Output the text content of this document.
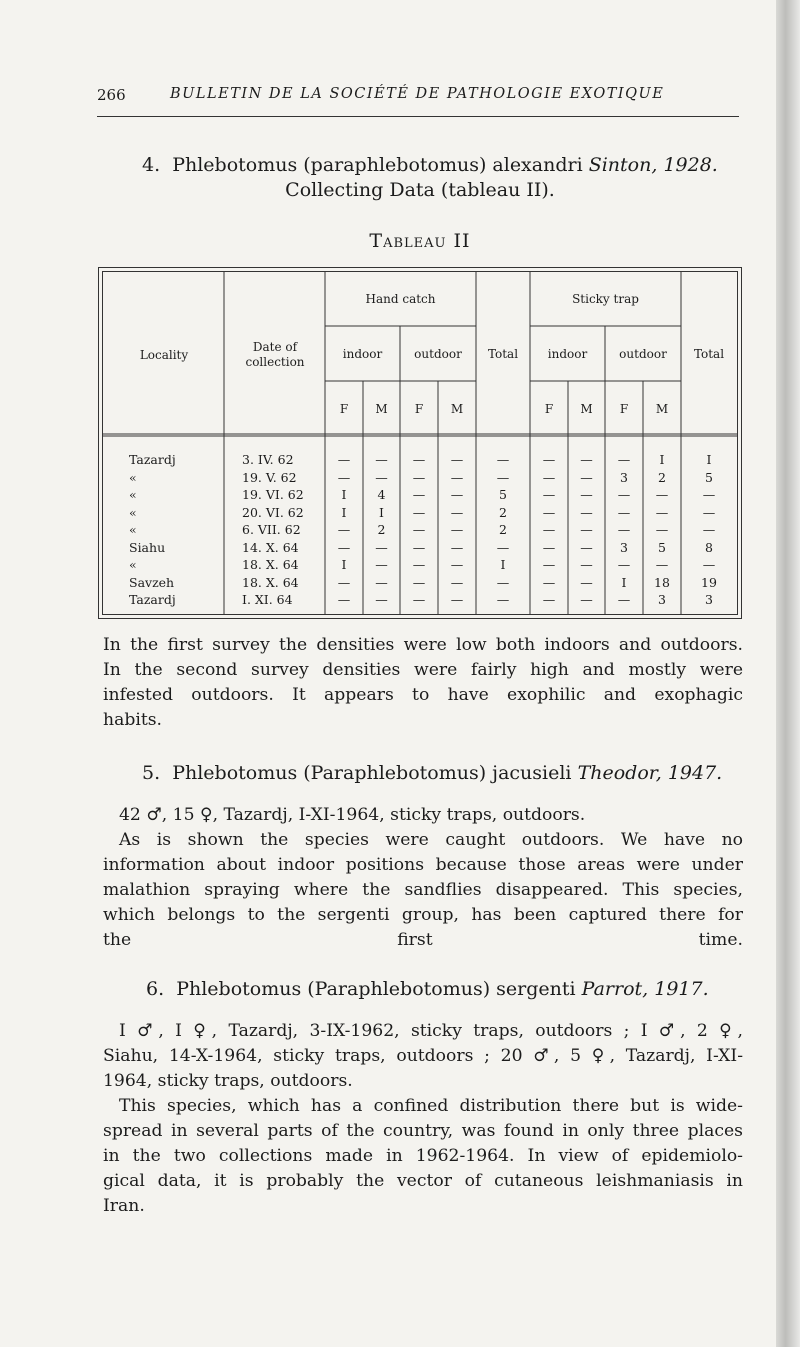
266	BULLETIN DE LA SOCIÉTÉ DE PATHOLOGIE EXOTIQUE
4. Phlebotomus (paraphlebotomus) alexandri Sinton, 1928.
Collecting Data (tableau II).
Tableau II
Locality
Date of collection
Hand catch	Sticky trap
indoor	outdoor	Total	indoor	outdoor	Total
F	M	F	M	F	M	F	M
Tazardj	3. IV. 62	—	—	—	—	—	—	—	—	I	I
«	19. V. 62	—	—	—	—	—	—	—	3	2	5
«	19. VI. 62	I	4	—	—	5	—	—	—	—	—
«	20. VI. 62	I	I	—	—	2	—	—	—	—	—
«	6. VII. 62	—	2	—	—	2	—	—	—	—	—
Siahu	14. X. 64	—	—	—	—	—	—	—	3	5	8
«	18. X. 64	I	—	—	—	I	—	—	—	—	—
Savzeh	18. X. 64	—	—	—	—	—	—	—	I	18	19
Tazardj	I. XI. 64	—	—	—	—	—	—	—	—	3	3
In the first survey the densities were low both indoors and outdoors.
In the second survey densities were fairly high and mostly were
infested outdoors. It appears to have exophilic and exophagic
habits.
5. Phlebotomus (Paraphlebotomus) jacusieli Theodor, 1947.
42 ♂, 15 ♀, Tazardj, I-XI-1964, sticky traps, outdoors.
As is shown the species were caught outdoors. We have no
information about indoor positions because those areas were under
malathion spraying where the sandflies disappeared. This species,
which belongs to the sergenti group, has been captured there for
the first time.
6. Phlebotomus (Paraphlebotomus) sergenti Parrot, 1917.
I ♂, I ♀, Tazardj, 3-IX-1962, sticky traps, outdoors ; I ♂, 2 ♀,
Siahu, 14-X-1964, sticky traps, outdoors ; 20 ♂, 5 ♀, Tazardj, I-XI-
1964, sticky traps, outdoors.
This species, which has a confined distribution there but is wide-
spread in several parts of the country, was found in only three places
in the two collections made in 1962-1964. In view of epidemiolo-
gical data, it is probably the vector of cutaneous leishmaniasis in
Iran.
